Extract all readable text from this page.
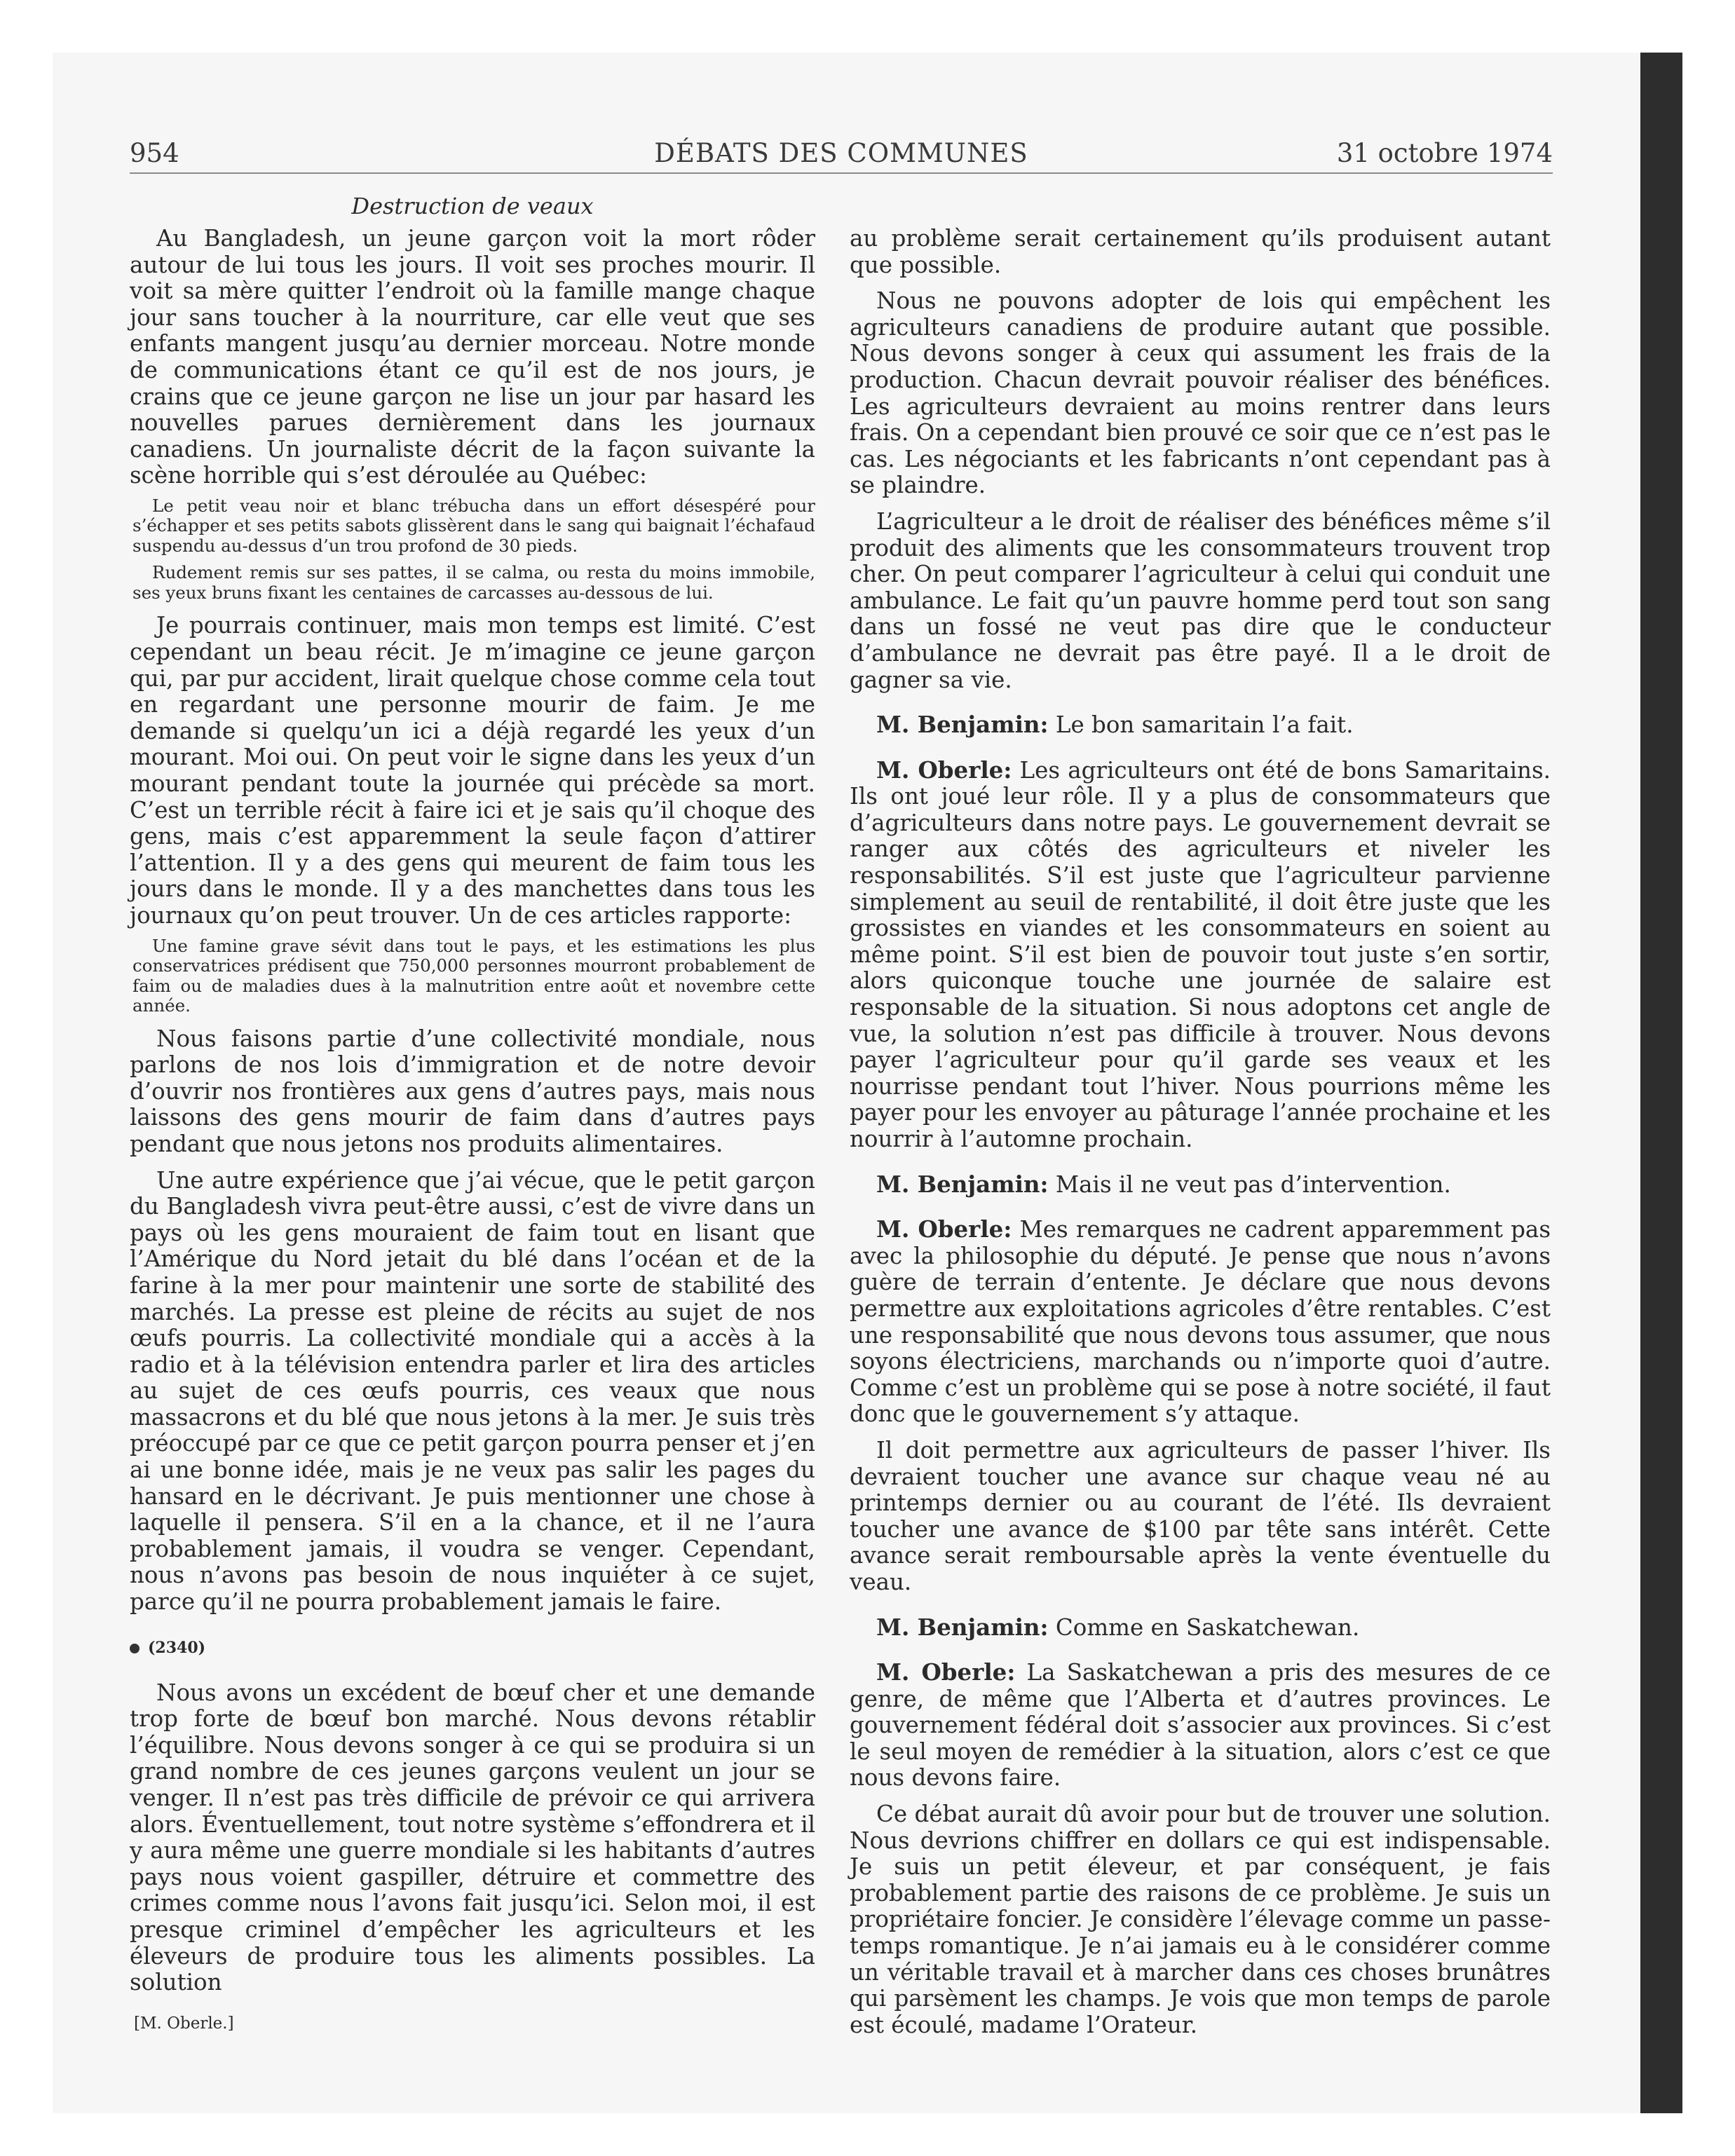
954	DÉBATS DES COMMUNES	31 octobre 1974

Destruction de veaux

Au Bangladesh, un jeune garçon voit la mort rôder autour de lui tous les jours. Il voit ses proches mourir. Il voit sa mère quitter l’endroit où la famille mange chaque jour sans toucher à la nourriture, car elle veut que ses enfants mangent jusqu’au dernier morceau. Notre monde de communications étant ce qu’il est de nos jours, je crains que ce jeune garçon ne lise un jour par hasard les nouvelles parues dernièrement dans les journaux canadiens. Un journaliste décrit de la façon suivante la scène horrible qui s’est déroulée au Québec:

Le petit veau noir et blanc trébucha dans un effort désespéré pour s’échapper et ses petits sabots glissèrent dans le sang qui baignait l’échafaud suspendu au-dessus d’un trou profond de 30 pieds.

Rudement remis sur ses pattes, il se calma, ou resta du moins immobile, ses yeux bruns fixant les centaines de carcasses au-dessous de lui.

Je pourrais continuer, mais mon temps est limité. C’est cependant un beau récit. Je m’imagine ce jeune garçon qui, par pur accident, lirait quelque chose comme cela tout en regardant une personne mourir de faim. Je me demande si quelqu’un ici a déjà regardé les yeux d’un mourant. Moi oui. On peut voir le signe dans les yeux d’un mourant pendant toute la journée qui précède sa mort. C’est un terrible récit à faire ici et je sais qu’il choque des gens, mais c’est apparemment la seule façon d’attirer l’attention. Il y a des gens qui meurent de faim tous les jours dans le monde. Il y a des manchettes dans tous les journaux qu’on peut trouver. Un de ces articles rapporte:

Une famine grave sévit dans tout le pays, et les estimations les plus conservatrices prédisent que 750,000 personnes mourront probablement de faim ou de maladies dues à la malnutrition entre août et novembre cette année.

Nous faisons partie d’une collectivité mondiale, nous parlons de nos lois d’immigration et de notre devoir d’ouvrir nos frontières aux gens d’autres pays, mais nous laissons des gens mourir de faim dans d’autres pays pendant que nous jetons nos produits alimentaires.

Une autre expérience que j’ai vécue, que le petit garçon du Bangladesh vivra peut-être aussi, c’est de vivre dans un pays où les gens mouraient de faim tout en lisant que l’Amérique du Nord jetait du blé dans l’océan et de la farine à la mer pour maintenir une sorte de stabilité des marchés. La presse est pleine de récits au sujet de nos œufs pourris. La collectivité mondiale qui a accès à la radio et à la télévision entendra parler et lira des articles au sujet de ces œufs pourris, ces veaux que nous massacrons et du blé que nous jetons à la mer. Je suis très préoccupé par ce que ce petit garçon pourra penser et j’en ai une bonne idée, mais je ne veux pas salir les pages du hansard en le décrivant. Je puis mentionner une chose à laquelle il pensera. S’il en a la chance, et il ne l’aura probablement jamais, il voudra se venger. Cependant, nous n’avons pas besoin de nous inquiéter à ce sujet, parce qu’il ne pourra probablement jamais le faire.

(2340)

Nous avons un excédent de bœuf cher et une demande trop forte de bœuf bon marché. Nous devons rétablir l’équilibre. Nous devons songer à ce qui se produira si un grand nombre de ces jeunes garçons veulent un jour se venger. Il n’est pas très difficile de prévoir ce qui arrivera alors. Éventuellement, tout notre système s’effondrera et il y aura même une guerre mondiale si les habitants d’autres pays nous voient gaspiller, détruire et commettre des crimes comme nous l’avons fait jusqu’ici. Selon moi, il est presque criminel d’empêcher les agriculteurs et les éleveurs de produire tous les aliments possibles. La solution

[M. Oberle.]

au problème serait certainement qu’ils produisent autant que possible.

Nous ne pouvons adopter de lois qui empêchent les agriculteurs canadiens de produire autant que possible. Nous devons songer à ceux qui assument les frais de la production. Chacun devrait pouvoir réaliser des bénéfices. Les agriculteurs devraient au moins rentrer dans leurs frais. On a cependant bien prouvé ce soir que ce n’est pas le cas. Les négociants et les fabricants n’ont cependant pas à se plaindre.

L’agriculteur a le droit de réaliser des bénéfices même s’il produit des aliments que les consommateurs trouvent trop cher. On peut comparer l’agriculteur à celui qui conduit une ambulance. Le fait qu’un pauvre homme perd tout son sang dans un fossé ne veut pas dire que le conducteur d’ambulance ne devrait pas être payé. Il a le droit de gagner sa vie.

M. Benjamin: Le bon samaritain l’a fait.

M. Oberle: Les agriculteurs ont été de bons Samaritains. Ils ont joué leur rôle. Il y a plus de consommateurs que d’agriculteurs dans notre pays. Le gouvernement devrait se ranger aux côtés des agriculteurs et niveler les responsabilités. S’il est juste que l’agriculteur parvienne simplement au seuil de rentabilité, il doit être juste que les grossistes en viandes et les consommateurs en soient au même point. S’il est bien de pouvoir tout juste s’en sortir, alors quiconque touche une journée de salaire est responsable de la situation. Si nous adoptons cet angle de vue, la solution n’est pas difficile à trouver. Nous devons payer l’agriculteur pour qu’il garde ses veaux et les nourrisse pendant tout l’hiver. Nous pourrions même les payer pour les envoyer au pâturage l’année prochaine et les nourrir à l’automne prochain.

M. Benjamin: Mais il ne veut pas d’intervention.

M. Oberle: Mes remarques ne cadrent apparemment pas avec la philosophie du député. Je pense que nous n’avons guère de terrain d’entente. Je déclare que nous devons permettre aux exploitations agricoles d’être rentables. C’est une responsabilité que nous devons tous assumer, que nous soyons électriciens, marchands ou n’importe quoi d’autre. Comme c’est un problème qui se pose à notre société, il faut donc que le gouvernement s’y attaque.

Il doit permettre aux agriculteurs de passer l’hiver. Ils devraient toucher une avance sur chaque veau né au printemps dernier ou au courant de l’été. Ils devraient toucher une avance de $100 par tête sans intérêt. Cette avance serait remboursable après la vente éventuelle du veau.

M. Benjamin: Comme en Saskatchewan.

M. Oberle: La Saskatchewan a pris des mesures de ce genre, de même que l’Alberta et d’autres provinces. Le gouvernement fédéral doit s’associer aux provinces. Si c’est le seul moyen de remédier à la situation, alors c’est ce que nous devons faire.

Ce débat aurait dû avoir pour but de trouver une solution. Nous devrions chiffrer en dollars ce qui est indispensable. Je suis un petit éleveur, et par conséquent, je fais probablement partie des raisons de ce problème. Je suis un propriétaire foncier. Je considère l’élevage comme un passe-temps romantique. Je n’ai jamais eu à le considérer comme un véritable travail et à marcher dans ces choses brunâtres qui parsèment les champs. Je vois que mon temps de parole est écoulé, madame l’Orateur.
